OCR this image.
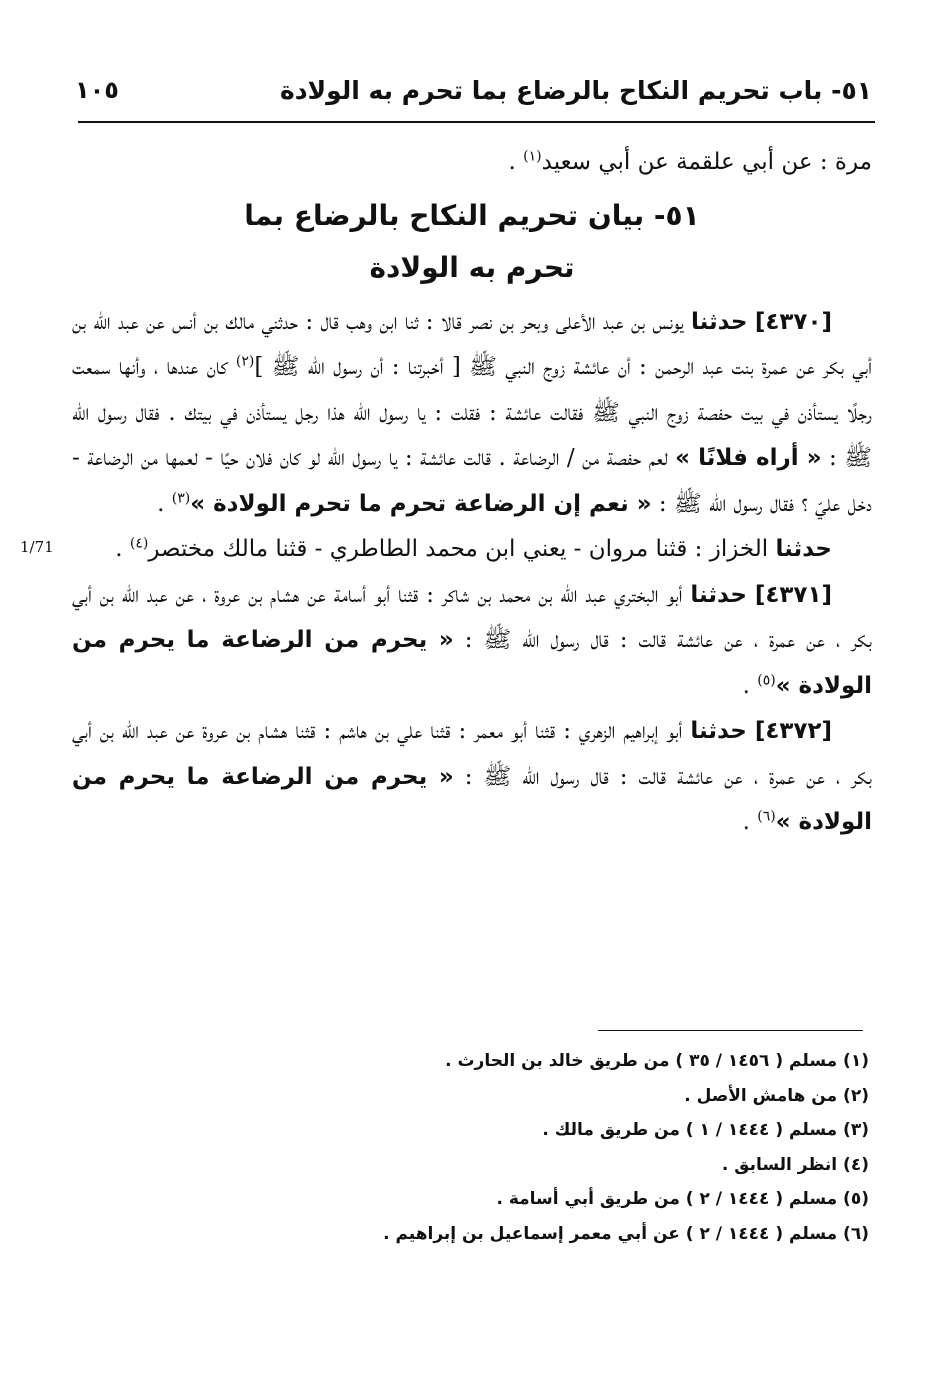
٥١- باب تحريم النكاح بالرضاع بما تحرم به الولادة
١٠٥
1/71

مرة : عن أبي علقمة عن أبي سعيد$^{(١)}$ .

٥١- بيان تحريم النكاح بالرضاع بما
تحرم به الولادة

[٤٣٧٠] حدثنا يونس بن عبد الأعلى وبحر بن نصر قالا : ثنا ابن وهب قال : حدثني مالك بن أنس عن عبد الله بن أبي بكر عن عمرة بنت عبد الرحمن : أن عائشة زوج النبي ﷺ [ أخبرتنا : أن رسول الله ﷺ ]$^{(٢)}$ كان عندها ، وأنها سمعت رجلًا يستأذن في بيت حفصة زوج النبي ﷺ فقالت عائشة : فقلت : يا رسول الله هذا رجل يستأذن في بيتك . فقال رسول الله ﷺ : « أراه فلانًا » لعم حفصة من / الرضاعة . قالت عائشة : يا رسول الله لو كان فلان حيًا - لعمها من الرضاعة - دخل عليّ ؟ فقال رسول الله ﷺ : « نعم إن الرضاعة تحرم ما تحرم الولادة »$^{(٣)}$ .

حدثنا الخزاز : قثنا مروان - يعني ابن محمد الطاطري - قثنا مالك مختصر$^{(٤)}$ .

[٤٣٧١] حدثنا أبو البختري عبد الله بن محمد بن شاكر : قثنا أبو أسامة عن هشام بن عروة ، عن عبد الله بن أبي بكر ، عن عمرة ، عن عائشة قالت : قال رسول الله ﷺ : « يحرم من الرضاعة ما يحرم من الولادة »$^{(٥)}$ .

[٤٣٧٢] حدثنا أبو إبراهيم الزهري : قثنا أبو معمر : قثنا علي بن هاشم : قثنا هشام بن عروة عن عبد الله بن أبي بكر ، عن عمرة ، عن عائشة قالت : قال رسول الله ﷺ : « يحرم من الرضاعة ما يحرم من الولادة »$^{(٦)}$ .

(١) مسلم ( ١٤٥٦ / ٣٥ ) من طريق خالد بن الحارث .
(٢) من هامش الأصل .
(٣) مسلم ( ١٤٤٤ / ١ ) من طريق مالك .
(٤) انظر السابق .
(٥) مسلم ( ١٤٤٤ / ٢ ) من طريق أبي أسامة .
(٦) مسلم ( ١٤٤٤ / ٢ ) عن أبي معمر إسماعيل بن إبراهيم .
